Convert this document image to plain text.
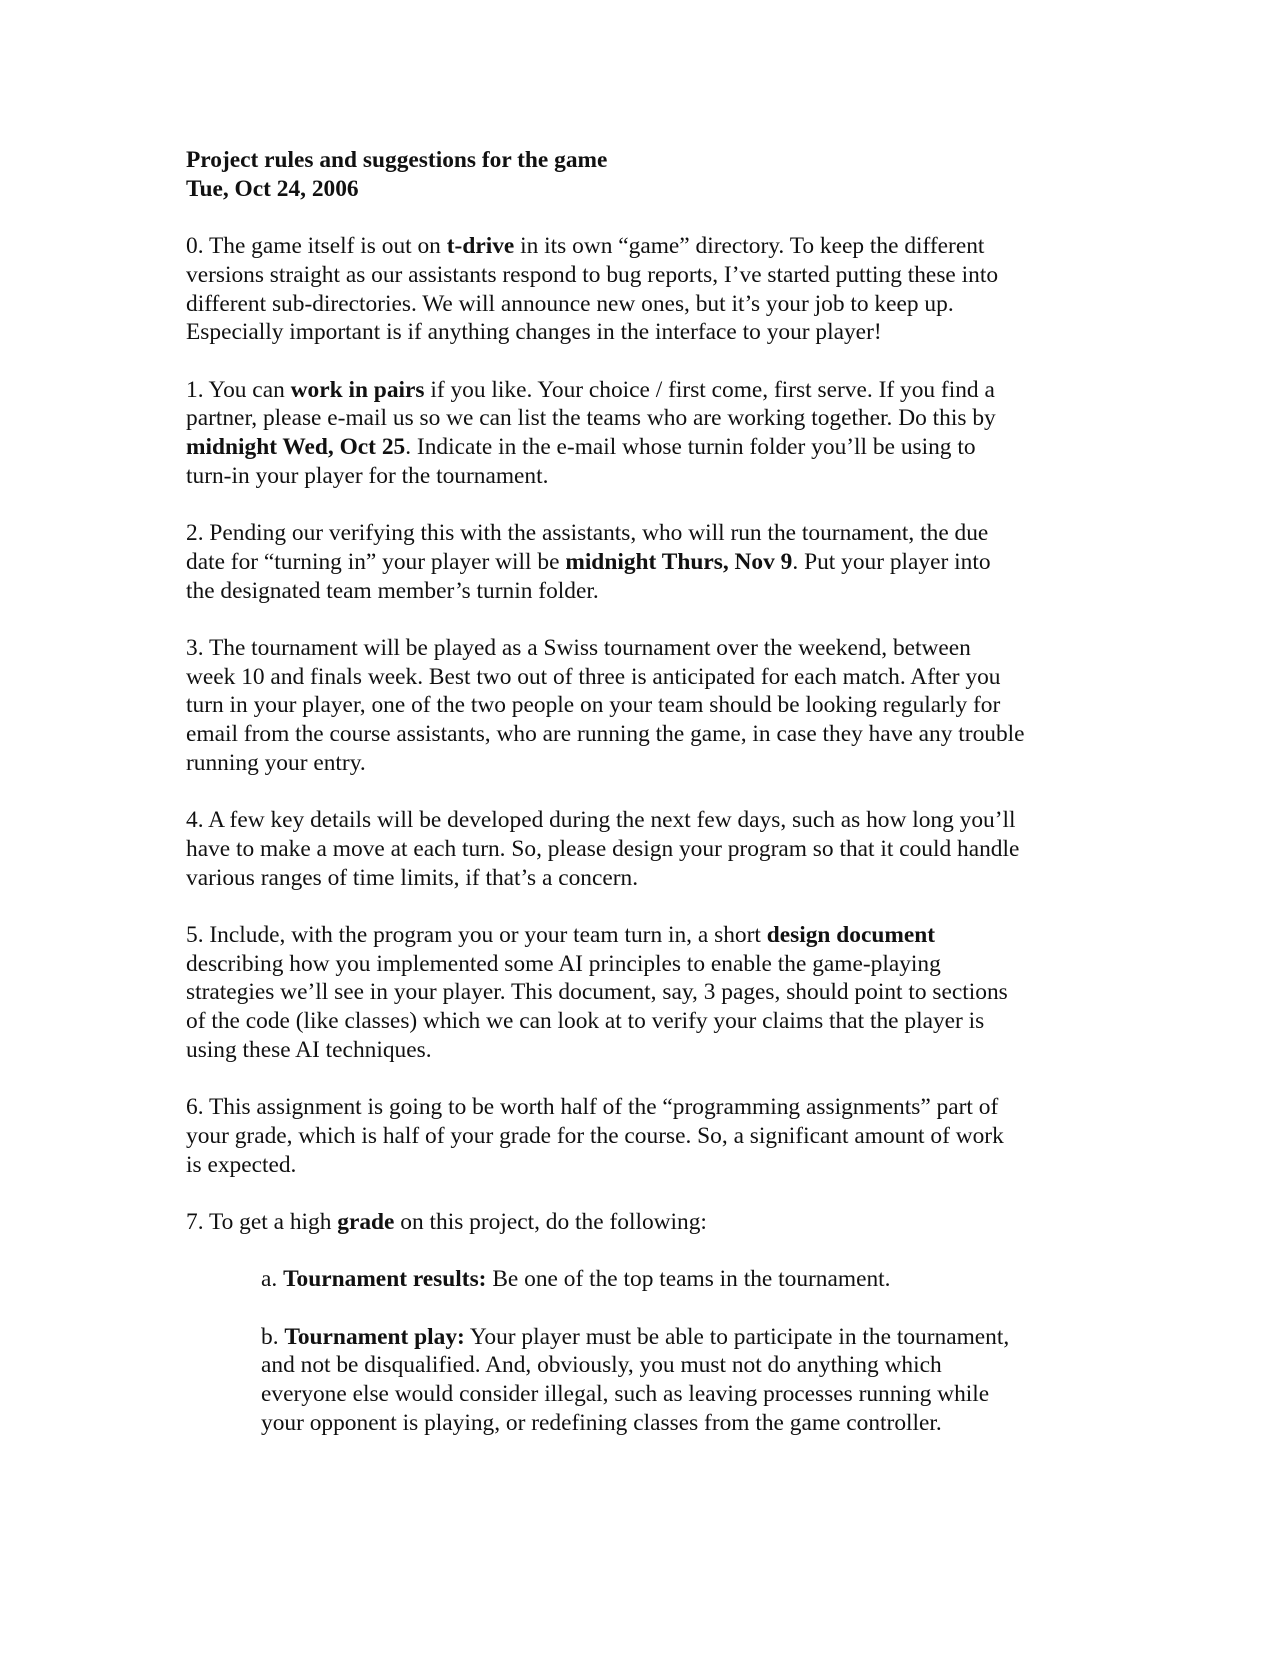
Project rules and suggestions for the game

Tue, Oct 24, 2006

0. The game itself is out on t-drive in its own “game” directory. To keep the different

versions straight as our assistants respond to bug reports, I’ve started putting these into

different sub-directories. We will announce new ones, but it’s your job to keep up.

Especially important is if anything changes in the interface to your player!

1. You can work in pairs if you like. Your choice / first come, first serve. If you find a

partner, please e-mail us so we can list the teams who are working together. Do this by

midnight Wed, Oct 25. Indicate in the e-mail whose turnin folder you’ll be using to

turn-in your player for the tournament.

2. Pending our verifying this with the assistants, who will run the tournament, the due

date for “turning in” your player will be midnight Thurs, Nov 9. Put your player into

the designated team member’s turnin folder.

3. The tournament will be played as a Swiss tournament over the weekend, between

week 10 and finals week. Best two out of three is anticipated for each match. After you

turn in your player, one of the two people on your team should be looking regularly for

email from the course assistants, who are running the game, in case they have any trouble

running your entry.

4. A few key details will be developed during the next few days, such as how long you’ll

have to make a move at each turn. So, please design your program so that it could handle

various ranges of time limits, if that’s a concern.

5. Include, with the program you or your team turn in, a short design document

describing how you implemented some AI principles to enable the game-playing

strategies we’ll see in your player. This document, say, 3 pages, should point to sections

of the code (like classes) which we can look at to verify your claims that the player is

using these AI techniques.

6. This assignment is going to be worth half of the “programming assignments” part of

your grade, which is half of your grade for the course. So, a significant amount of work

is expected.

7. To get a high grade on this project, do the following:

a. Tournament results: Be one of the top teams in the tournament.

b. Tournament play: Your player must be able to participate in the tournament,

and not be disqualified. And, obviously, you must not do anything which

everyone else would consider illegal, such as leaving processes running while

your opponent is playing, or redefining classes from the game controller.
